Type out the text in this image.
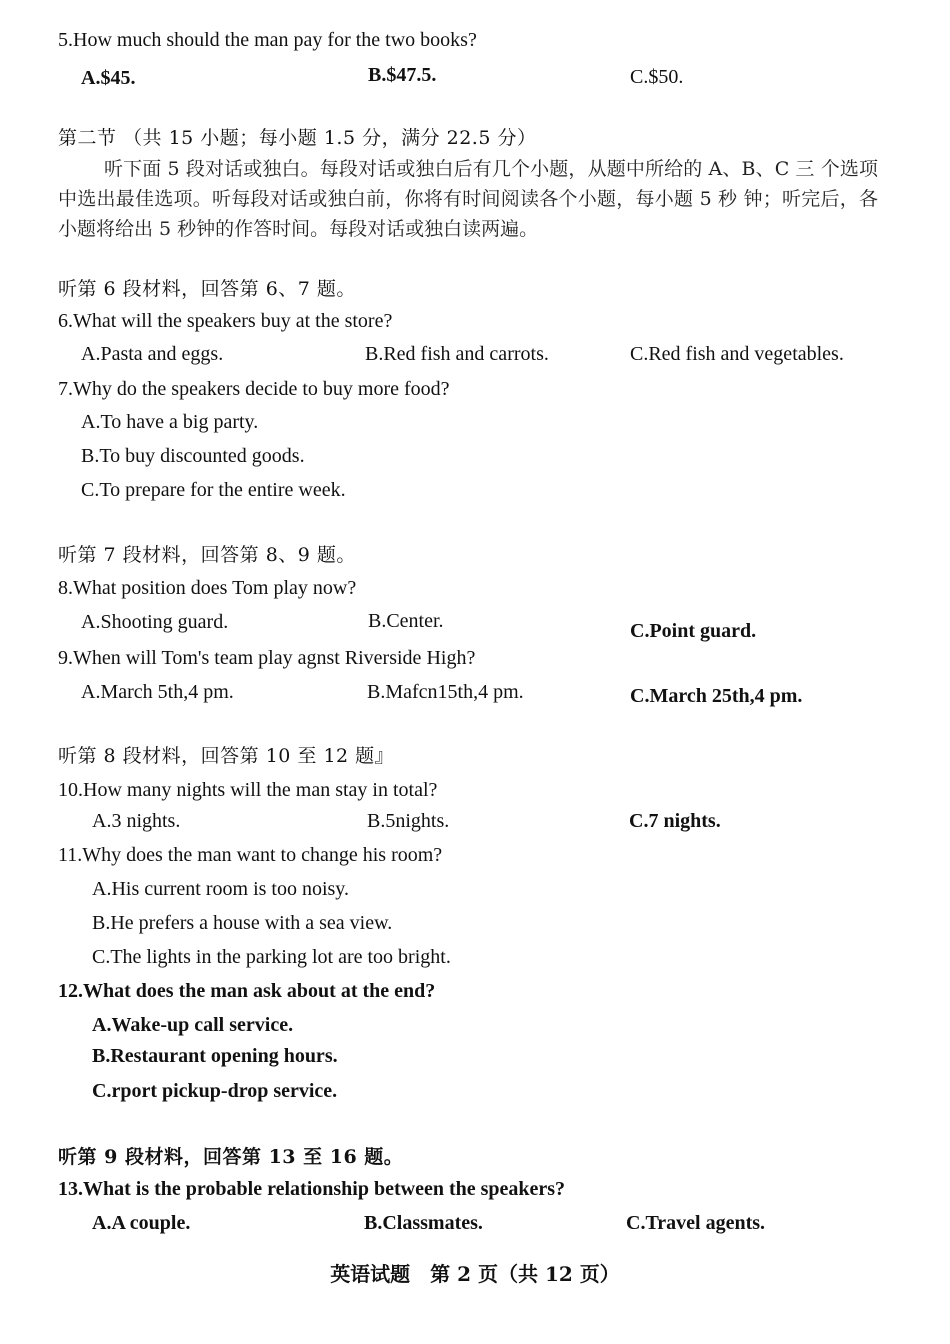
5.How much should the man pay for the two books?
A.$45.	B.$47.5.	C.$50.
第二节 （共 15 小题；每小题 1.5 分，满分 22.5 分）
听下面 5 段对话或独白。每段对话或独白后有几个小题，从题中所给的 A、B、C 三 个选项中选出最佳选项。听每段对话或独白前，你将有时间阅读各个小题，每小题 5 秒 钟；听完后，各小题将给出 5 秒钟的作答时间。每段对话或独白读两遍。
听第 6 段材料，回答第 6、7 题。
6.What will the speakers buy at the store?
A.Pasta and eggs.	B.Red fish and carrots.	C.Red fish and vegetables.
7.Why do the speakers decide to buy more food?
A.To have a big party.
B.To buy discounted goods.
C.To prepare for the entire week.
听第 7 段材料，回答第 8、9 题。
8.What position does Tom play now?
A.Shooting guard.	B.Center.	C.Point guard.
9.When will Tom's team play agnst Riverside High?
A.March 5th,4 pm.	B.Mafcn15th,4 pm.	C.March 25th,4 pm.
听第 8 段材料，回答第 10 至 12 题』
10.How many nights will the man stay in total?
A.3 nights.	B.5nights.	C.7 nights.
11.Why does the man want to change his room?
A.His current room is too noisy.
B.He prefers a house with a sea view.
C.The lights in the parking lot are too bright.
12.What does the man ask about at the end?
A.Wake-up call service.
B.Restaurant opening hours.
C.rport pickup-drop service.
听第 9 段材料，回答第 13 至 16 题。
13.What is the probable relationship between the speakers?
A.A couple.	B.Classmates.	C.Travel agents.
英语试题　第 2 页（共 12 页）
